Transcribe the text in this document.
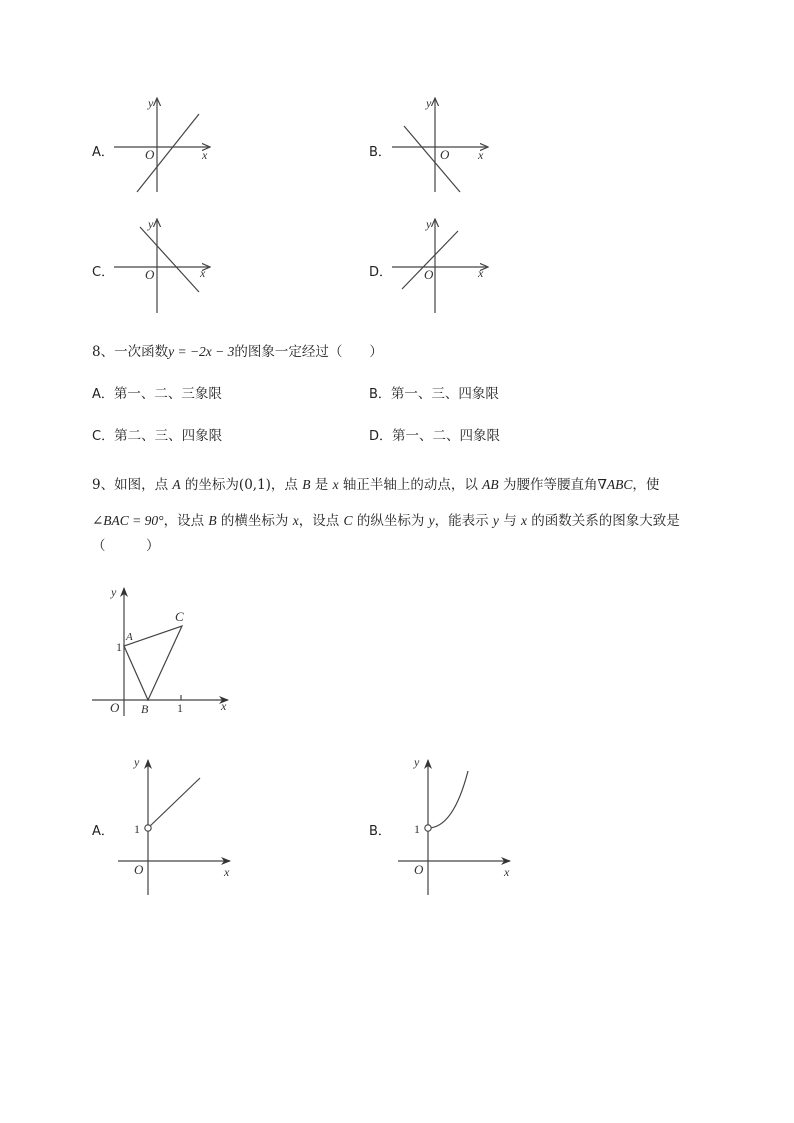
A．
y
x
O	B．
y
x
O
C．
y
x
O	D．
y
x
O
8、一次函数y = −2x − 3的图象一定经过（　　）
A．第一、二、三象限	B．第一、三、四象限
C．第二、三、四象限	D．第一、二、四象限
9、如图，点 A 的坐标为(0,1)，点 B 是 x 轴正半轴上的动点，以 AB 为腰作等腰直角∇ABC，使
∠BAC = 90°，设点 B 的横坐标为 x，设点 C 的纵坐标为 y，能表示 y 与 x 的函数关系的图象大致是
（　　　）
y
x
O
A
B
C
1
1
A．
y
x
O
1	B．
y
x
O
1
